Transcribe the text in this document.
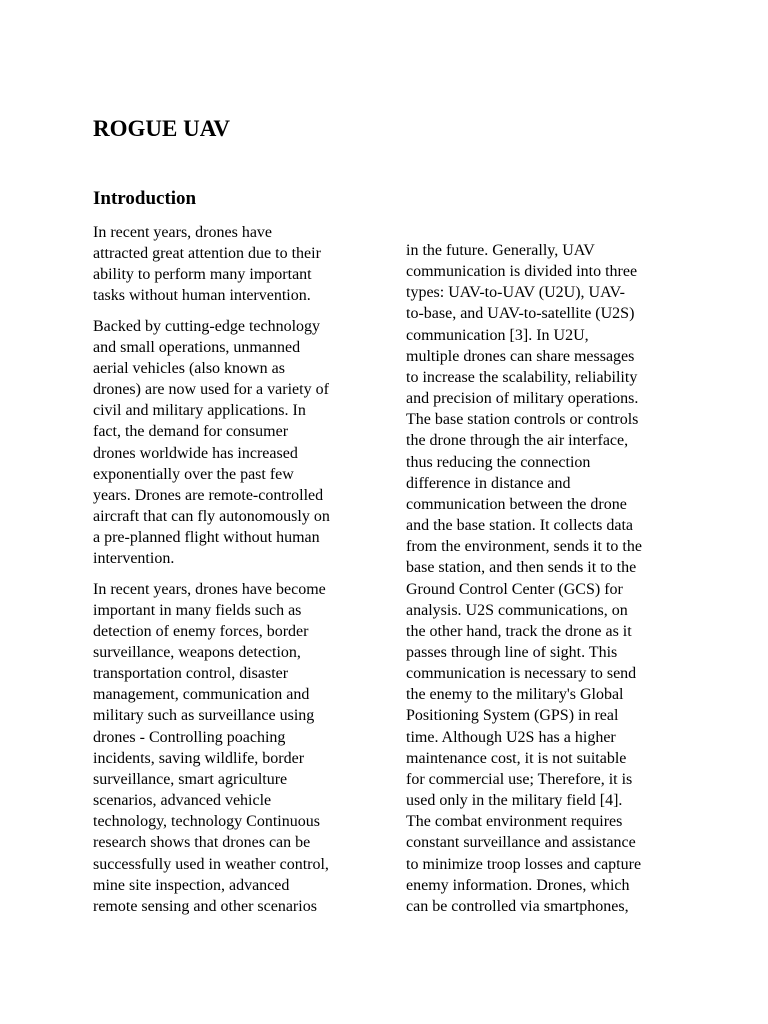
ROGUE UAV
Introduction

In recent years, drones have
attracted great attention due to their
ability to perform many important
tasks without human intervention.

Backed by cutting-edge technology
and small operations, unmanned
aerial vehicles (also known as
drones) are now used for a variety of
civil and military applications. In
fact, the demand for consumer
drones worldwide has increased
exponentially over the past few
years. Drones are remote-controlled
aircraft that can fly autonomously on
a pre-planned flight without human
intervention.

In recent years, drones have become
important in many fields such as
detection of enemy forces, border
surveillance, weapons detection,
transportation control, disaster
management, communication and
military such as surveillance using
drones - Controlling poaching
incidents, saving wildlife, border
surveillance, smart agriculture
scenarios, advanced vehicle
technology, technology Continuous
research shows that drones can be
successfully used in weather control,
mine site inspection, advanced
remote sensing and other scenarios

in the future. Generally, UAV
communication is divided into three
types: UAV-to-UAV (U2U), UAV-
to-base, and UAV-to-satellite (U2S)
communication [3]. In U2U,
multiple drones can share messages
to increase the scalability, reliability
and precision of military operations.
The base station controls or controls
the drone through the air interface,
thus reducing the connection
difference in distance and
communication between the drone
and the base station. It collects data
from the environment, sends it to the
base station, and then sends it to the
Ground Control Center (GCS) for
analysis. U2S communications, on
the other hand, track the drone as it
passes through line of sight. This
communication is necessary to send
the enemy to the military's Global
Positioning System (GPS) in real
time. Although U2S has a higher
maintenance cost, it is not suitable
for commercial use; Therefore, it is
used only in the military field [4].
The combat environment requires
constant surveillance and assistance
to minimize troop losses and capture
enemy information. Drones, which
can be controlled via smartphones,
